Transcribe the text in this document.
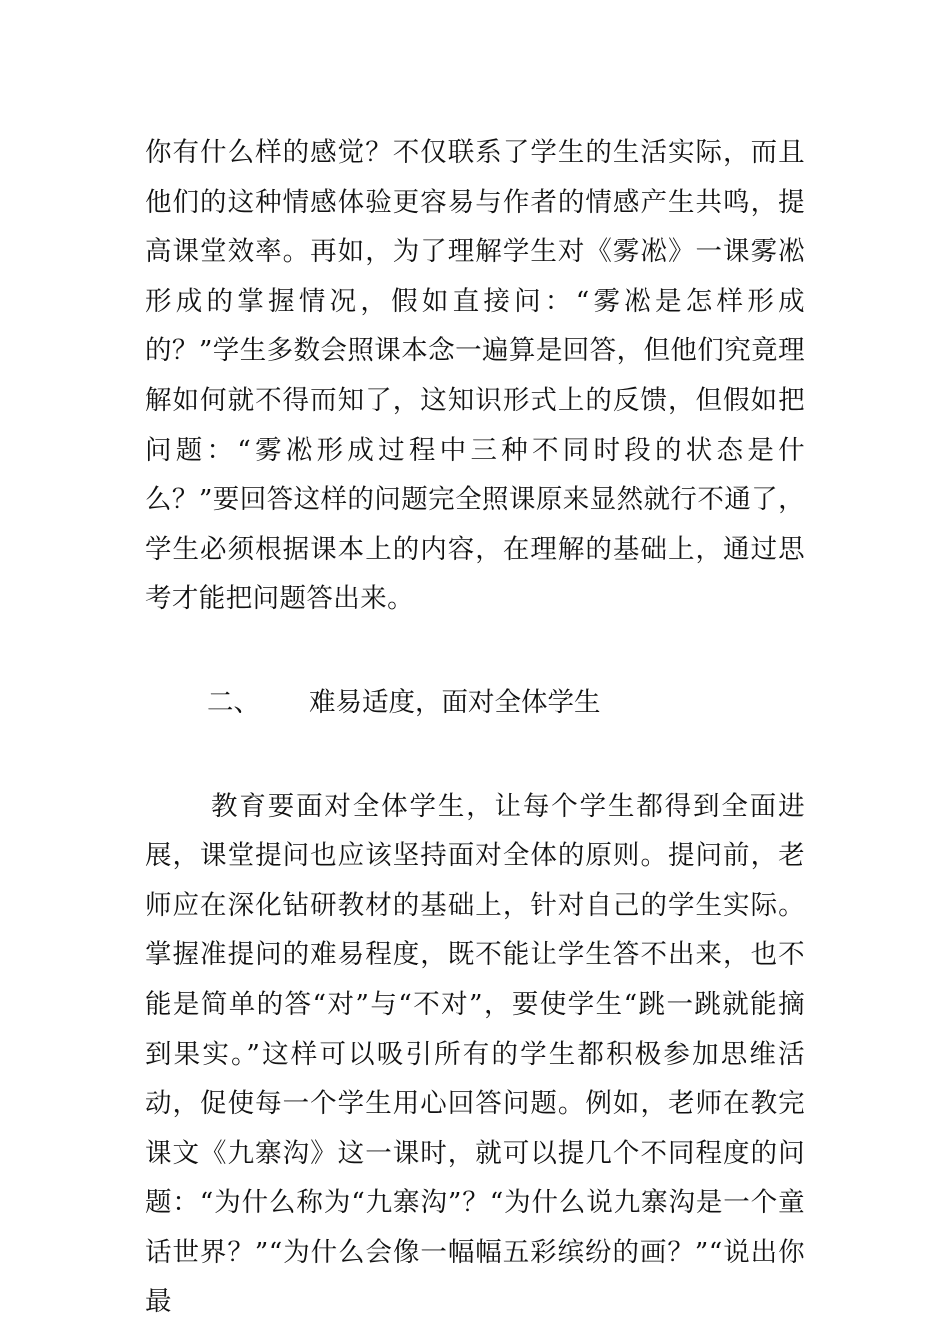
你有什么样的感觉？不仅联系了学生的生活实际，而且他们的这种情感体验更容易与作者的情感产生共鸣，提高课堂效率。再如，为了理解学生对《雾凇》一课雾凇形成的掌握情况，假如直接问：“雾凇是怎样形成的？”学生多数会照课本念一遍算是回答，但他们究竟理解如何就不得而知了，这知识形式上的反馈，但假如把问题：“雾凇形成过程中三种不同时段的状态是什么？”要回答这样的问题完全照课原来显然就行不通了，学生必须根据课本上的内容，在理解的基础上，通过思考才能把问题答出来。

二、	难易适度，面对全体学生

教育要面对全体学生，让每个学生都得到全面进展，课堂提问也应该坚持面对全体的原则。提问前，老师应在深化钻研教材的基础上，针对自己的学生实际。掌握准提问的难易程度，既不能让学生答不出来，也不能是简单的答“对”与“不对”，要使学生“跳一跳就能摘到果实。”这样可以吸引所有的学生都积极参加思维活动，促使每一个学生用心回答问题。例如，老师在教完课文《九寨沟》这一课时，就可以提几个不同程度的问题：“为什么称为“九寨沟”？“为什么说九寨沟是一个童话世界？”“为什么会像一幅幅五彩缤纷的画？”“说出你最
